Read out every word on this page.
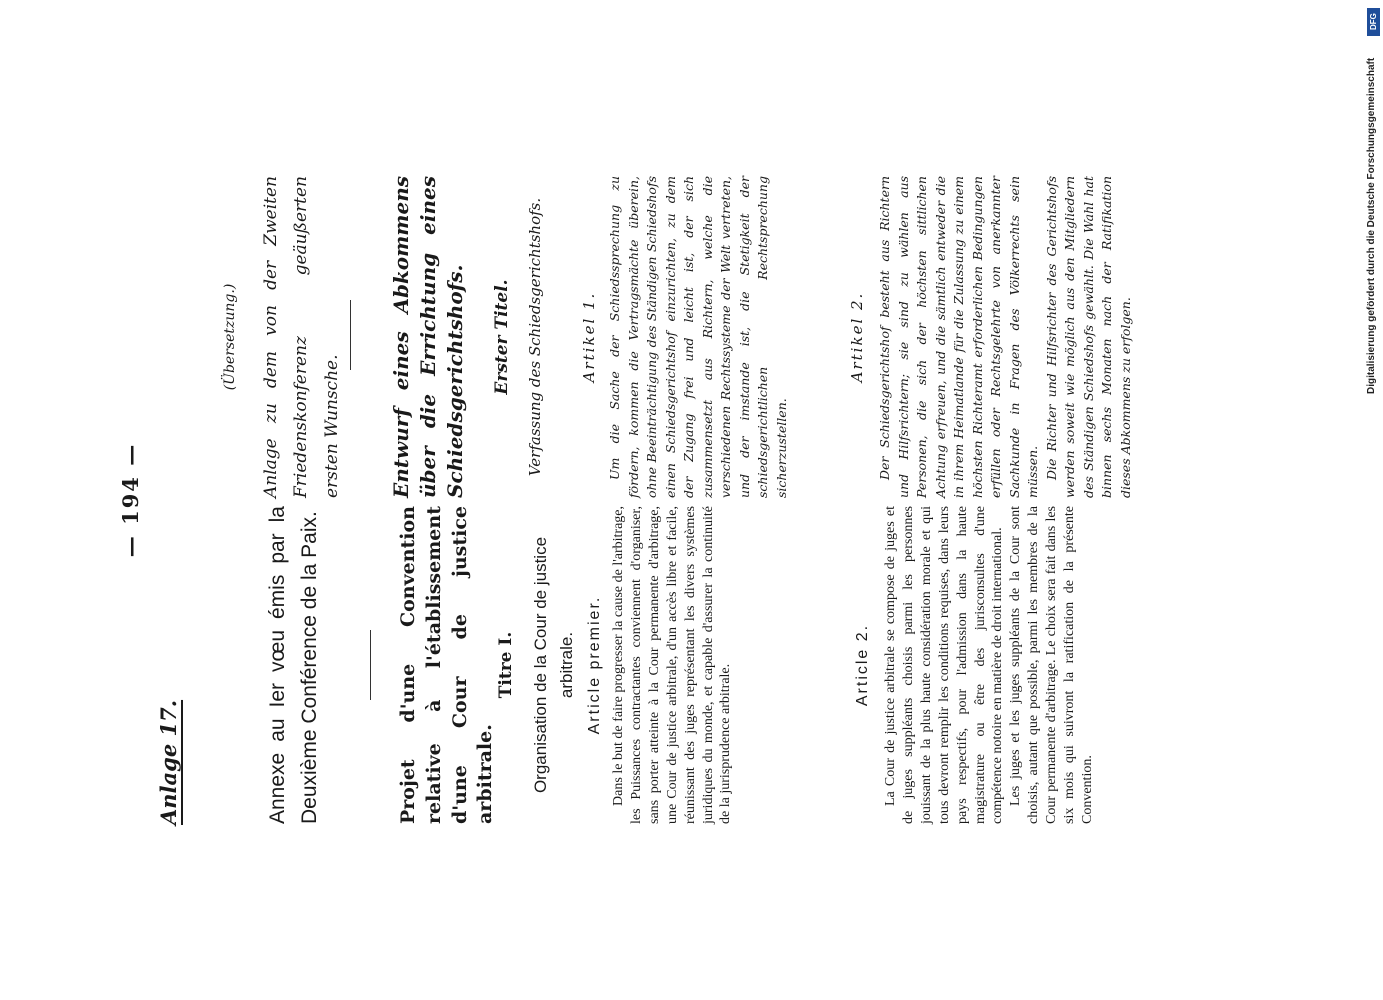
— 194 —
Anlage 17.	Annexe au Ier vœu émis par la Deuxième Conférence de la Paix.	Projet d'une Convention relative à l'établissement d'une Cour de justice arbitrale.
Titre I. Organisation de la Cour de justice arbitrale. Article premier. Dans le but de faire progresser la cause de l'arbitrage, les Puissances contractantes conviennent d'organiser, sans porter atteinte à la Cour permanente d'arbitrage, une Cour de justice arbitrale, d'un accès libre et facile, réunissant des juges représentant les divers systèmes juridiques du monde, et capable d'assurer la continuité de la jurisprudence arbitrale.	Article 2. La Cour de justice arbitrale se compose de juges et de juges suppléants choisis parmi les personnes jouissant de la plus haute considération morale et qui tous devront remplir les conditions requises, dans leurs pays respectifs, pour l'admission dans la haute magistrature ou être des jurisconsultes d'une compétence notoire en matière de droit international. Les juges et les juges suppléants de la Cour sont choisis, autant que possible, parmi les membres de la Cour permanente d'arbitrage. Le choix sera fait dans les six mois qui suivront la ratification de la présente Convention.

(Übersetzung.) Anlage zu dem von der Zweiten Friedenskonferenz geäußerten ersten Wunsche. Entwurf eines Abkommens über die Errichtung eines Schiedsgerichtshofs. Erster Titel. Verfassung des Schiedsgerichtshofs. Artikel 1. Um die Sache der Schiedssprechung zu fördern, kommen die Vertragsmächte überein, ohne Beeinträchtigung des Ständigen Schiedshofs einen Schiedsgerichtshof einzurichten, zu dem der Zugang frei und leicht ist, der sich zusammensetzt aus Richtern, welche die verschiedenen Rechtssysteme der Welt vertreten, und der imstande ist, die Stetigkeit der schiedsgerichtlichen Rechtsprechung sicherzustellen.
Artikel 2. Der Schiedsgerichtshof besteht aus Richtern und Hilfsrichtern; sie sind zu wählen aus Personen, die sich der höchsten sittlichen Achtung erfreuen, und die sämtlich entweder die in ihrem Heimatlande für die Zulassung zu einem höchsten Richteramt erforderlichen Bedingungen erfüllen oder Rechtsgelehrte von anerkannter Sachkunde in Fragen des Völkerrechts sein müssen. Die Richter und Hilfsrichter des Gerichtshofs werden soweit wie möglich aus den Mitgliedern des Ständigen Schiedshofs gewählt. Die Wahl hat binnen sechs Monaten nach der Ratifikation dieses Abkommens zu erfolgen.

DFG
Digitalisierung gefördert durch die Deutsche Forschungsgemeinschaft
